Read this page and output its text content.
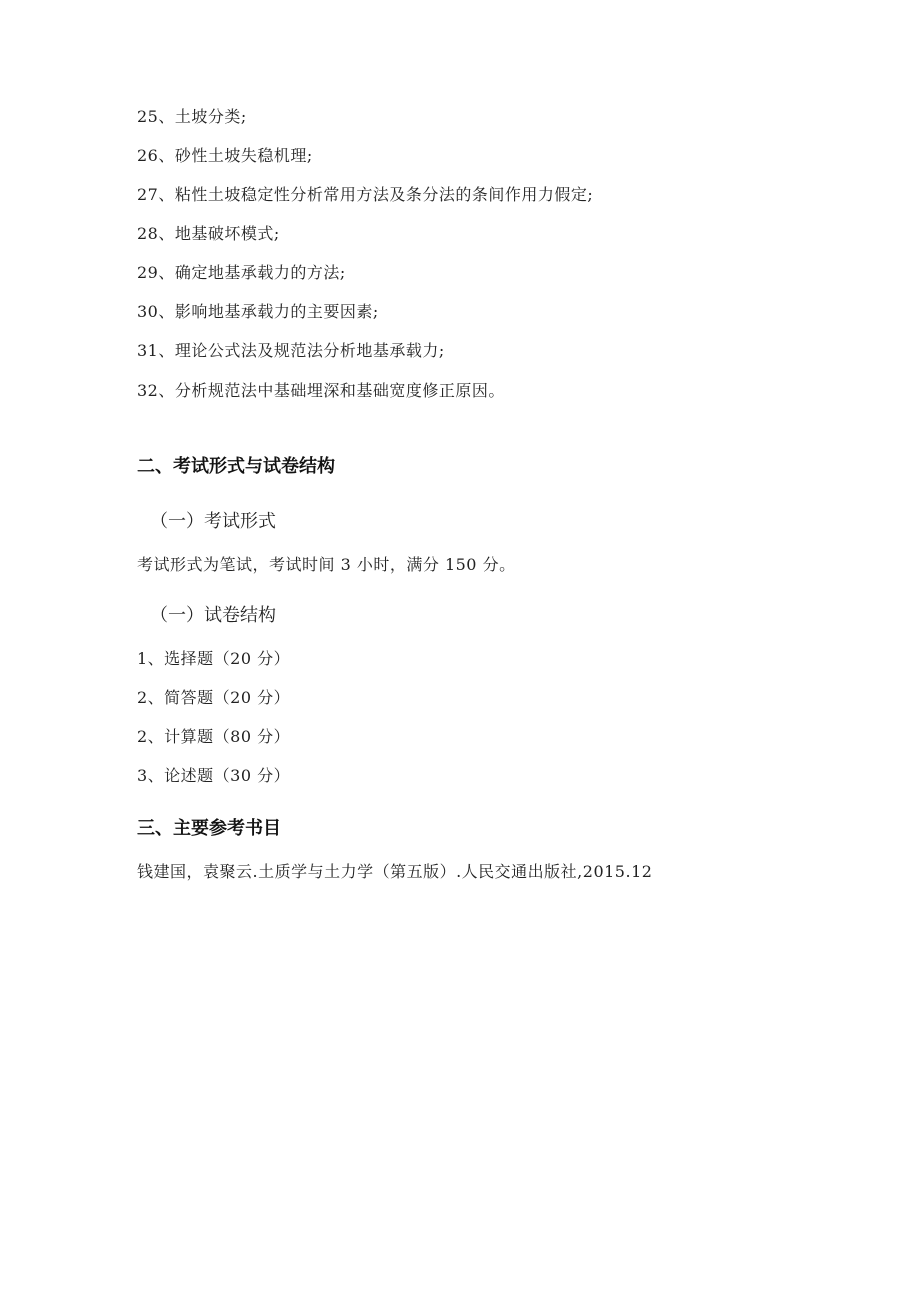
25、土坡分类;
26、砂性土坡失稳机理;
27、粘性土坡稳定性分析常用方法及条分法的条间作用力假定;
28、地基破坏模式;
29、确定地基承载力的方法;
30、影响地基承载力的主要因素;
31、理论公式法及规范法分析地基承载力;
32、分析规范法中基础埋深和基础宽度修正原因。
二、考试形式与试卷结构
（一）考试形式
考试形式为笔试，考试时间 3 小时，满分 150 分。
（一）试卷结构
1、选择题（20 分）
2、简答题（20 分）
2、计算题（80 分）
3、论述题（30 分）
三、主要参考书目
钱建国，袁聚云.土质学与土力学（第五版）.人民交通出版社,2015.12
